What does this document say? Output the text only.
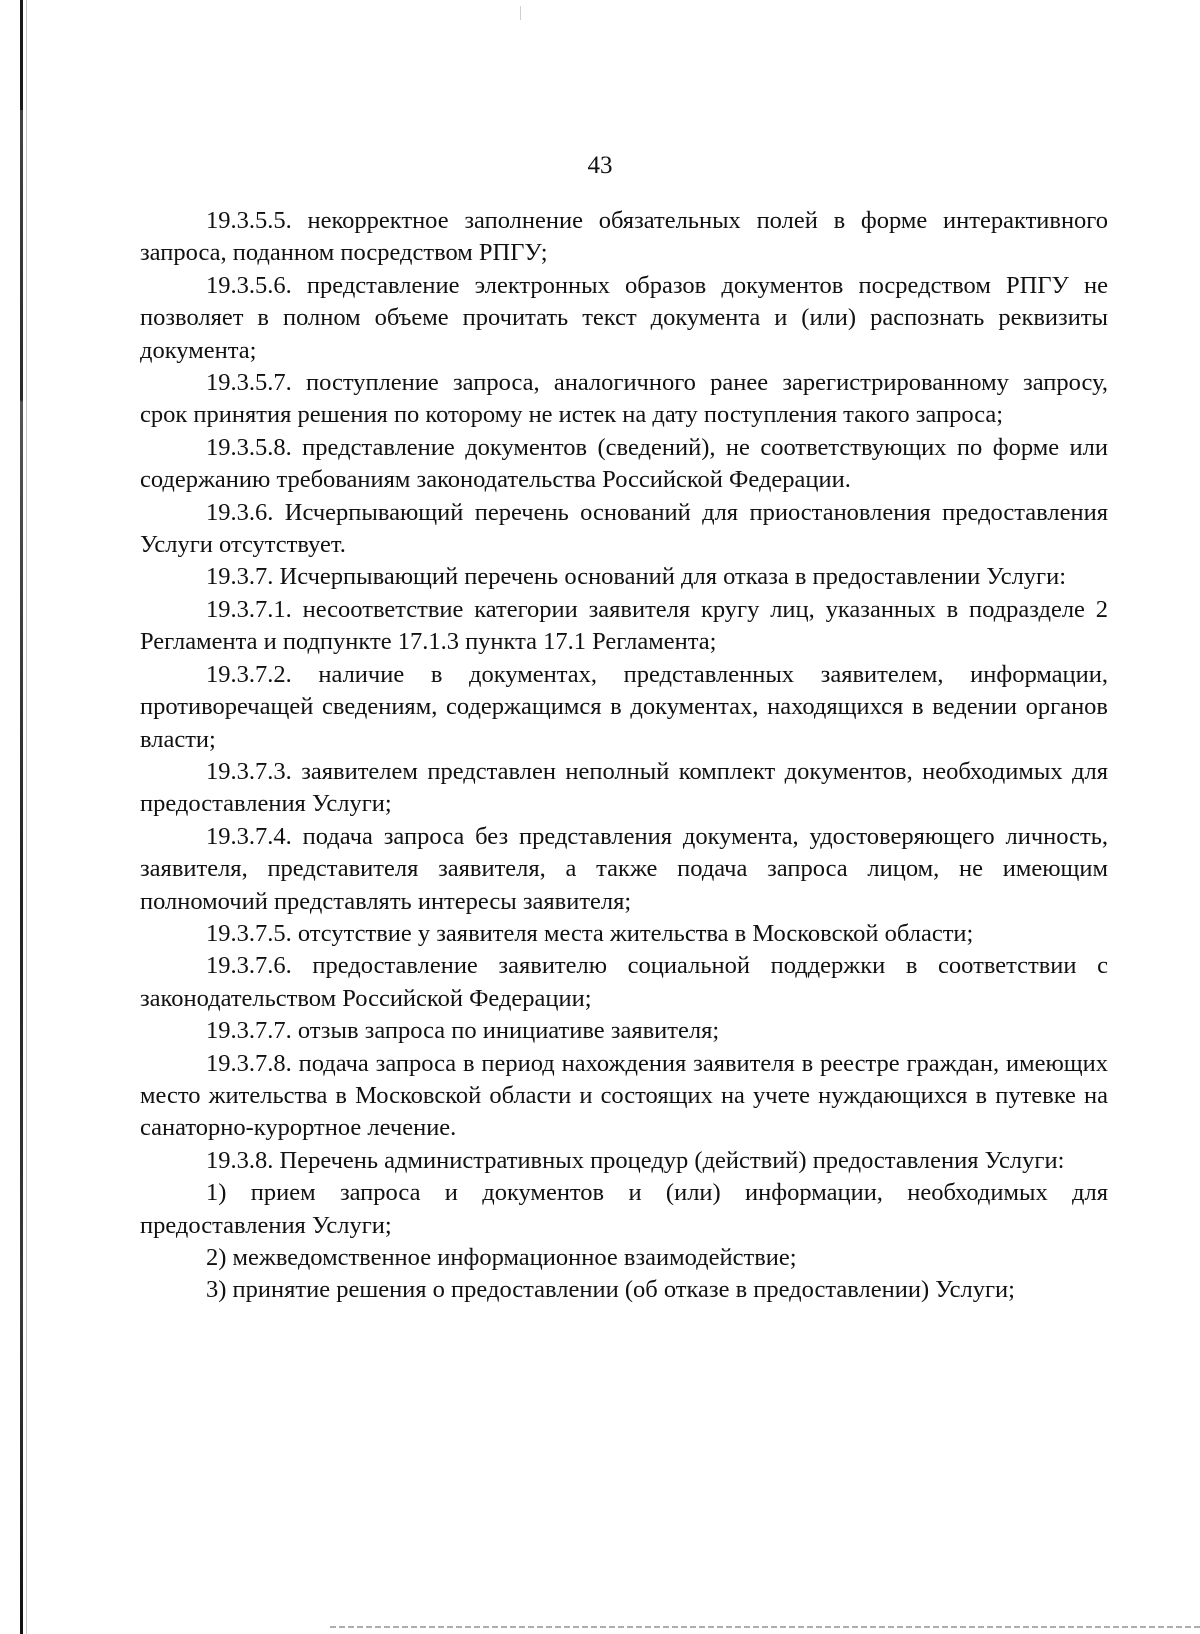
43

19.3.5.5. некорректное заполнение обязательных полей в форме интерактивного запроса, поданном посредством РПГУ;

19.3.5.6. представление электронных образов документов посредством РПГУ не позволяет в полном объеме прочитать текст документа и (или) распознать реквизиты документа;

19.3.5.7. поступление запроса, аналогичного ранее зарегистрированному запросу, срок принятия решения по которому не истек на дату поступления такого запроса;

19.3.5.8. представление документов (сведений), не соответствующих по форме или содержанию требованиям законодательства Российской Федерации.

19.3.6. Исчерпывающий перечень оснований для приостановления предоставления Услуги отсутствует.

19.3.7. Исчерпывающий перечень оснований для отказа в предоставлении Услуги:

19.3.7.1. несоответствие категории заявителя кругу лиц, указанных в подразделе 2 Регламента и подпункте 17.1.3 пункта 17.1 Регламента;

19.3.7.2. наличие в документах, представленных заявителем, информации, противоречащей сведениям, содержащимся в документах, находящихся в ведении органов власти;

19.3.7.3. заявителем представлен неполный комплект документов, необходимых для предоставления Услуги;

19.3.7.4. подача запроса без представления документа, удостоверяющего личность, заявителя, представителя заявителя, а также подача запроса лицом, не имеющим полномочий представлять интересы заявителя;

19.3.7.5. отсутствие у заявителя места жительства в Московской области;

19.3.7.6. предоставление заявителю социальной поддержки в соответствии с законодательством Российской Федерации;

19.3.7.7. отзыв запроса по инициативе заявителя;

19.3.7.8. подача запроса в период нахождения заявителя в реестре граждан, имеющих место жительства в Московской области и состоящих на учете нуждающихся в путевке на санаторно-курортное лечение.

19.3.8. Перечень административных процедур (действий) предоставления Услуги:

1) прием запроса и документов и (или) информации, необходимых для предоставления Услуги;

2) межведомственное информационное взаимодействие;

3) принятие решения о предоставлении (об отказе в предоставлении) Услуги;
